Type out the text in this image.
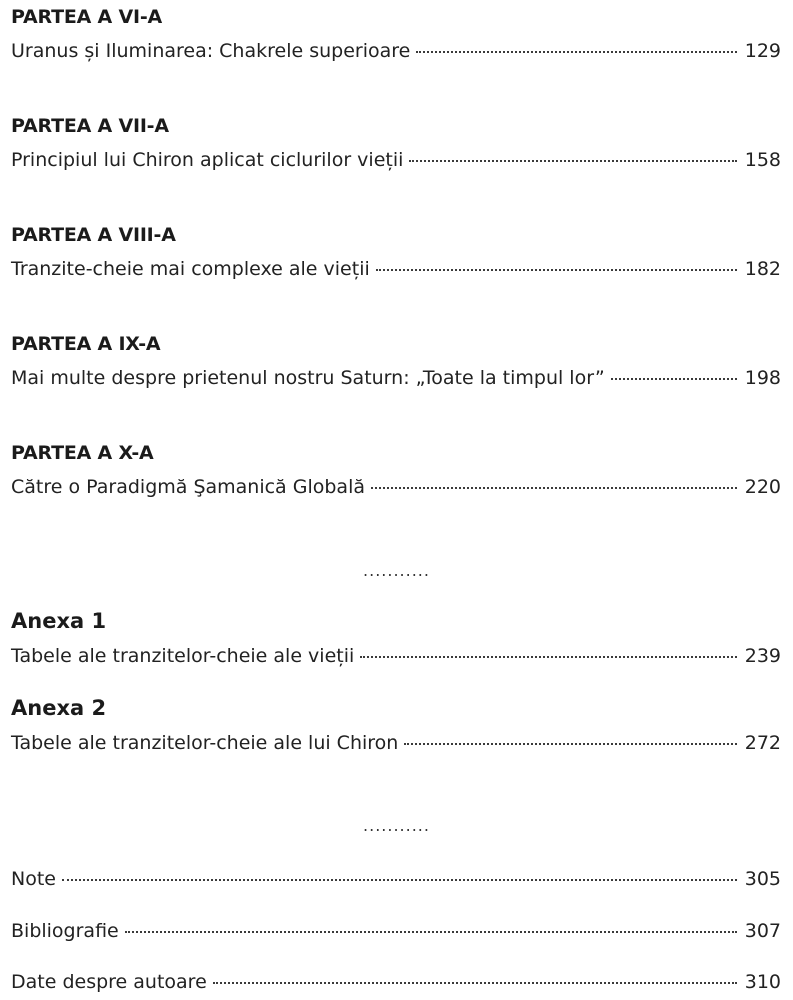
PARTEA A VI-A
Uranus și Iluminarea: Chakrele superioare	129
PARTEA A VII-A
Principiul lui Chiron aplicat ciclurilor vieții	158
PARTEA A VIII-A
Tranzite-cheie mai complexe ale vieții	182
PARTEA A IX-A
Mai multe despre prietenul nostru Saturn: „Toate la timpul lor”	198
PARTEA A X-A
Către o Paradigmă Şamanică Globală	220
...........
Anexa 1
Tabele ale tranzitelor-cheie ale vieții	239
Anexa 2
Tabele ale tranzitelor-cheie ale lui Chiron	272
...........
Note	305
Bibliografie	307
Date despre autoare	310
